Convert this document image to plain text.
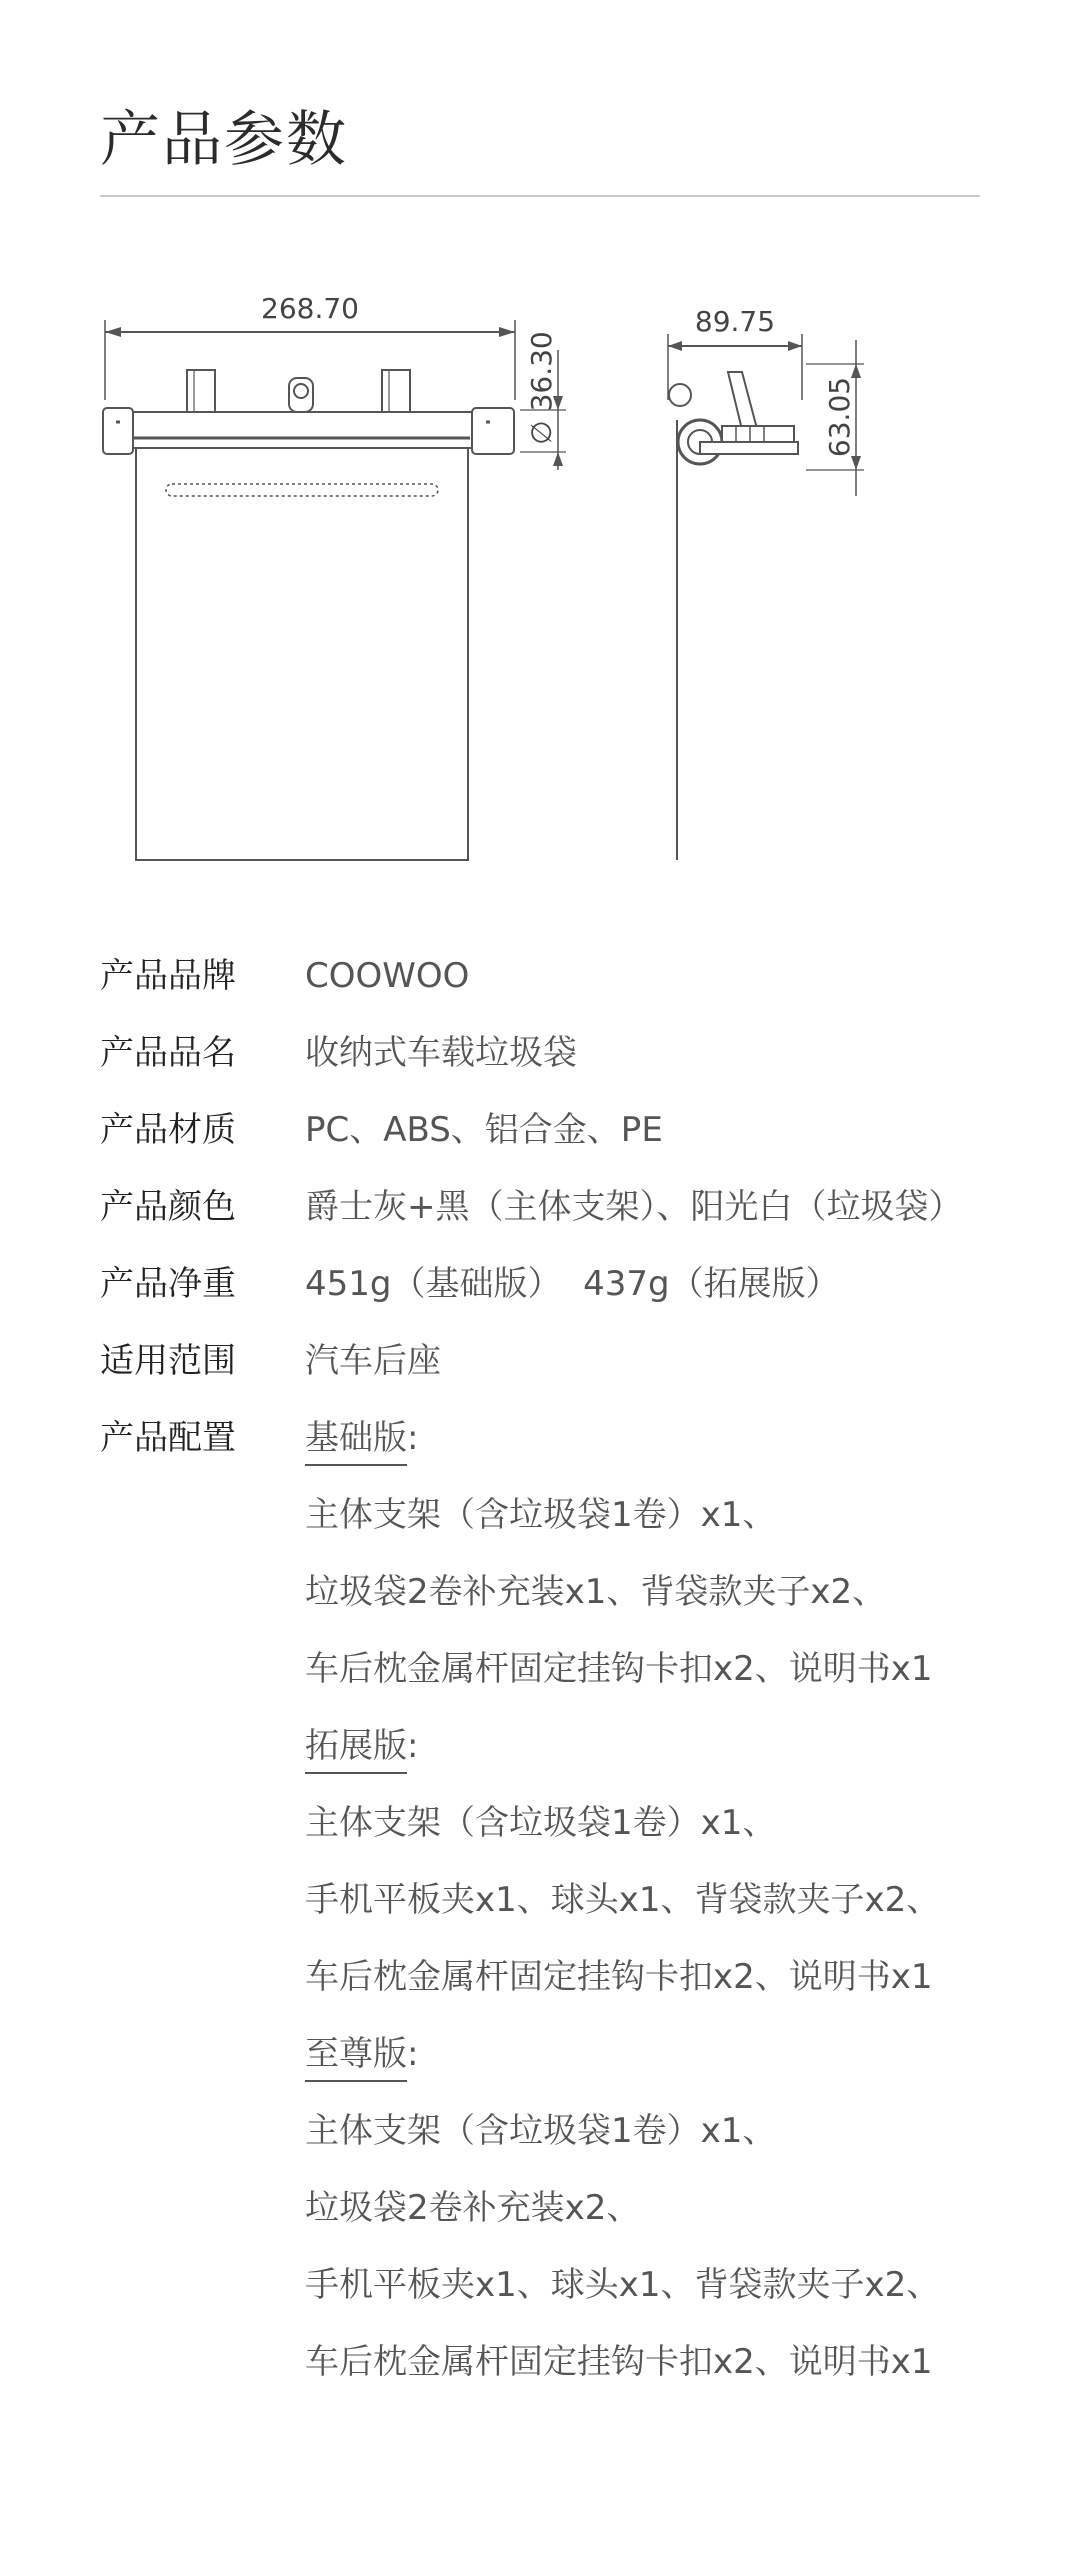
产品参数
268.70
∅ 36.30
89.75
63.05
产品品牌	COOWOO
产品品名	收纳式车载垃圾袋
产品材质	PC、ABS、铝合金、PE
产品颜色	爵士灰+黑（主体支架）、阳光白（垃圾袋）
产品净重	451g（基础版）  437g（拓展版）
适用范围	汽车后座
产品配置	基础版:
主体支架（含垃圾袋1卷）x1、
垃圾袋2卷补充装x1、背袋款夹子x2、
车后枕金属杆固定挂钩卡扣x2、说明书x1
拓展版:
主体支架（含垃圾袋1卷）x1、
手机平板夹x1、球头x1、背袋款夹子x2、
车后枕金属杆固定挂钩卡扣x2、说明书x1
至尊版:
主体支架（含垃圾袋1卷）x1、
垃圾袋2卷补充装x2、
手机平板夹x1、球头x1、背袋款夹子x2、
车后枕金属杆固定挂钩卡扣x2、说明书x1
